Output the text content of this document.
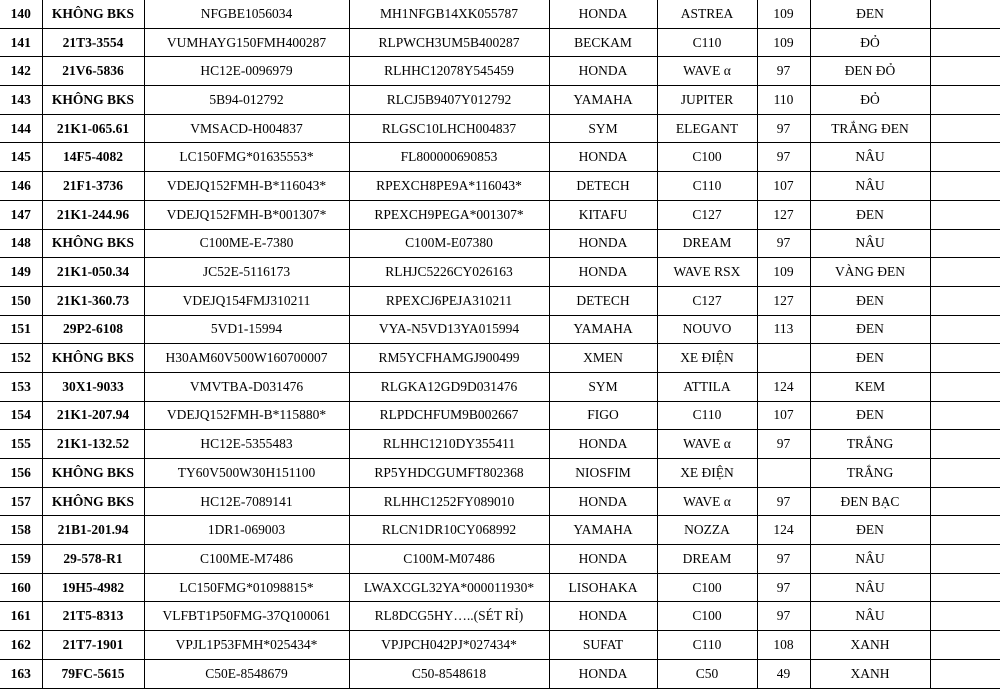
140	KHÔNG BKS	NFGBE1056034	MH1NFGB14XK055787	HONDA	ASTREA	109	ĐEN	
141	21T3-3554	VUMHAYG150FMH400287	RLPWCH3UM5B400287	BECKAM	C110	109	ĐỎ	
142	21V6-5836	HC12E-0096979	RLHHC12078Y545459	HONDA	WAVE α	97	ĐEN ĐỎ	
143	KHÔNG BKS	5B94-012792	RLCJ5B9407Y012792	YAMAHA	JUPITER	110	ĐỎ	
144	21K1-065.61	VMSACD-H004837	RLGSC10LHCH004837	SYM	ELEGANT	97	TRẮNG ĐEN	
145	14F5-4082	LC150FMG*01635553*	FL800000690853	HONDA	C100	97	NÂU	
146	21F1-3736	VDEJQ152FMH-B*116043*	RPEXCH8PE9A*116043*	DETECH	C110	107	NÂU	
147	21K1-244.96	VDEJQ152FMH-B*001307*	RPEXCH9PEGA*001307*	KITAFU	C127	127	ĐEN	
148	KHÔNG BKS	C100ME-E-7380	C100M-E07380	HONDA	DREAM	97	NÂU	
149	21K1-050.34	JC52E-5116173	RLHJC5226CY026163	HONDA	WAVE RSX	109	VÀNG ĐEN	
150	21K1-360.73	VDEJQ154FMJ310211	RPEXCJ6PEJA310211	DETECH	C127	127	ĐEN	
151	29P2-6108	5VD1-15994	VYA-N5VD13YA015994	YAMAHA	NOUVO	113	ĐEN	
152	KHÔNG BKS	H30AM60V500W160700007	RM5YCFHAMGJ900499	XMEN	XE ĐIỆN		ĐEN	
153	30X1-9033	VMVTBA-D031476	RLGKA12GD9D031476	SYM	ATTILA	124	KEM	
154	21K1-207.94	VDEJQ152FMH-B*115880*	RLPDCHFUM9B002667	FIGO	C110	107	ĐEN	
155	21K1-132.52	HC12E-5355483	RLHHC1210DY355411	HONDA	WAVE α	97	TRẮNG	
156	KHÔNG BKS	TY60V500W30H151100	RP5YHDCGUMFT802368	NIOSFIM	XE ĐIỆN		TRẮNG	
157	KHÔNG BKS	HC12E-7089141	RLHHC1252FY089010	HONDA	WAVE α	97	ĐEN BẠC	
158	21B1-201.94	1DR1-069003	RLCN1DR10CY068992	YAMAHA	NOZZA	124	ĐEN	
159	29-578-R1	C100ME-M7486	C100M-M07486	HONDA	DREAM	97	NÂU	
160	19H5-4982	LC150FMG*01098815*	LWAXCGL32YA*000011930*	LISOHAKA	C100	97	NÂU	
161	21T5-8313	VLFBT1P50FMG-37Q100061	RL8DCG5HY…..(SÉT RỈ)	HONDA	C100	97	NÂU	
162	21T7-1901	VPJL1P53FMH*025434*	VPJPCH042PJ*027434*	SUFAT	C110	108	XANH	
163	79FC-5615	C50E-8548679	C50-8548618	HONDA	C50	49	XANH	
